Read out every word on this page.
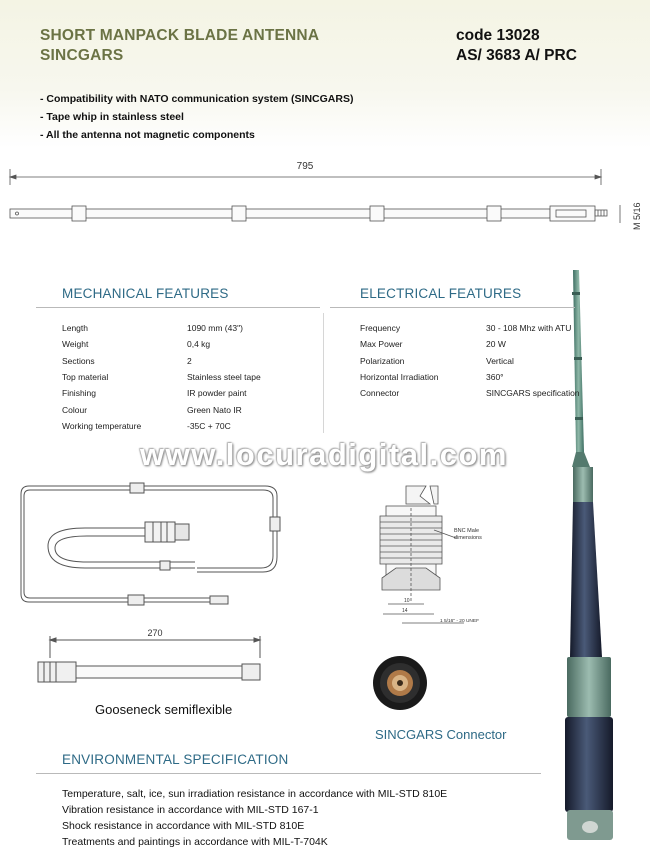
SHORT MANPACK BLADE ANTENNA
SINCGARS
code 13028
AS/ 3683 A/ PRC
- Compatibility with NATO communication system (SINCGARS)
- Tape whip in stainless steel
- All the antenna not magnetic components
795
M 5/16
MECHANICAL FEATURES
Length	1090 mm (43")
Weight	0,4 kg
Sections	2
Top material	Stainless steel tape
Finishing	IR powder paint
Colour	Green Nato IR
Working temperature	-35C + 70C
ELECTRICAL FEATURES
Frequency	30 - 108 Mhz with ATU
Max Power	20 W
Polarization	Vertical
Horizontal Irradiation	360°
Connector	SINCGARS specification
www.locuradigital.com
270
Gooseneck semiflexible
BNC Male
dimensions
10
14
1 5/16" - 20 UNEF
SINCGARS Connector
ENVIRONMENTAL SPECIFICATION
Temperature, salt, ice, sun irradiation resistance in accordance with MIL-STD 810E
Vibration resistance in accordance with MIL-STD 167-1
Shock resistance in accordance with MIL-STD 810E
Treatments and paintings in accordance with MIL-T-704K
